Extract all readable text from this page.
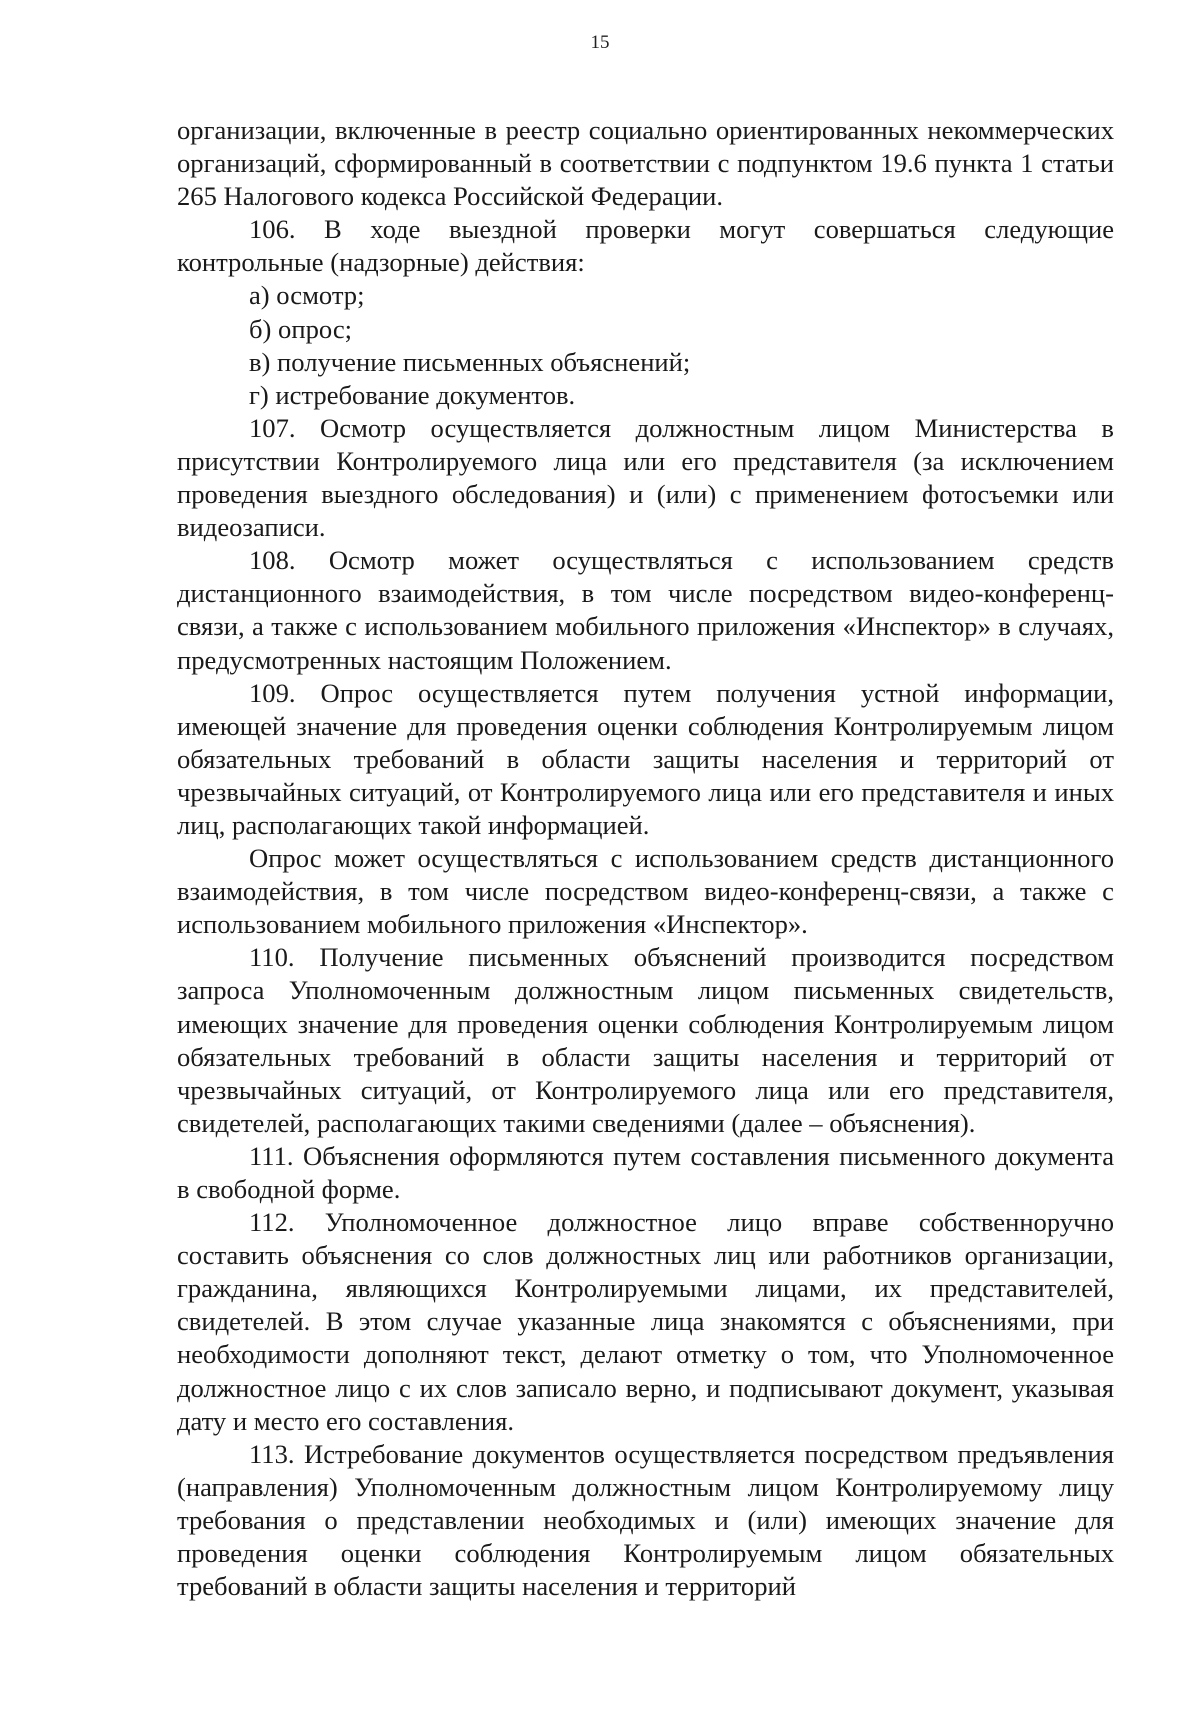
15

организации, включенные в реестр социально ориентированных некоммерческих организаций, сформированный в соответствии с подпунктом 19.6 пункта 1 статьи 265 Налогового кодекса Российской Федерации.

106. В ходе выездной проверки могут совершаться следующие контрольные (надзорные) действия:

а) осмотр;

б) опрос;

в) получение письменных объяснений;

г) истребование документов.

107. Осмотр осуществляется должностным лицом Министерства в присутствии Контролируемого лица или его представителя (за исключением проведения выездного обследования) и (или) с применением фотосъемки или видеозаписи.

108. Осмотр может осуществляться с использованием средств дистанционного взаимодействия, в том числе посредством видео-конференц-связи, а также с использованием мобильного приложения «Инспектор» в случаях, предусмотренных настоящим Положением.

109. Опрос осуществляется путем получения устной информации, имеющей значение для проведения оценки соблюдения Контролируемым лицом обязательных требований в области защиты населения и территорий от чрезвычайных ситуаций, от Контролируемого лица или его представителя и иных лиц, располагающих такой информацией.

Опрос может осуществляться с использованием средств дистанционного взаимодействия, в том числе посредством видео-конференц-связи, а также с использованием мобильного приложения «Инспектор».

110. Получение письменных объяснений производится посредством запроса Уполномоченным должностным лицом письменных свидетельств, имеющих значение для проведения оценки соблюдения Контролируемым лицом обязательных требований в области защиты населения и территорий от чрезвычайных ситуаций, от Контролируемого лица или его представителя, свидетелей, располагающих такими сведениями (далее – объяснения).

111. Объяснения оформляются путем составления письменного документа в свободной форме.

112. Уполномоченное должностное лицо вправе собственноручно составить объяснения со слов должностных лиц или работников организации, гражданина, являющихся Контролируемыми лицами, их представителей, свидетелей. В этом случае указанные лица знакомятся с объяснениями, при необходимости дополняют текст, делают отметку о том, что Уполномоченное должностное лицо с их слов записало верно, и подписывают документ, указывая дату и место его составления.

113. Истребование документов осуществляется посредством предъявления (направления) Уполномоченным должностным лицом Контролируемому лицу требования о представлении необходимых и (или) имеющих значение для проведения оценки соблюдения Контролируемым лицом обязательных требований в области защиты населения и территорий
